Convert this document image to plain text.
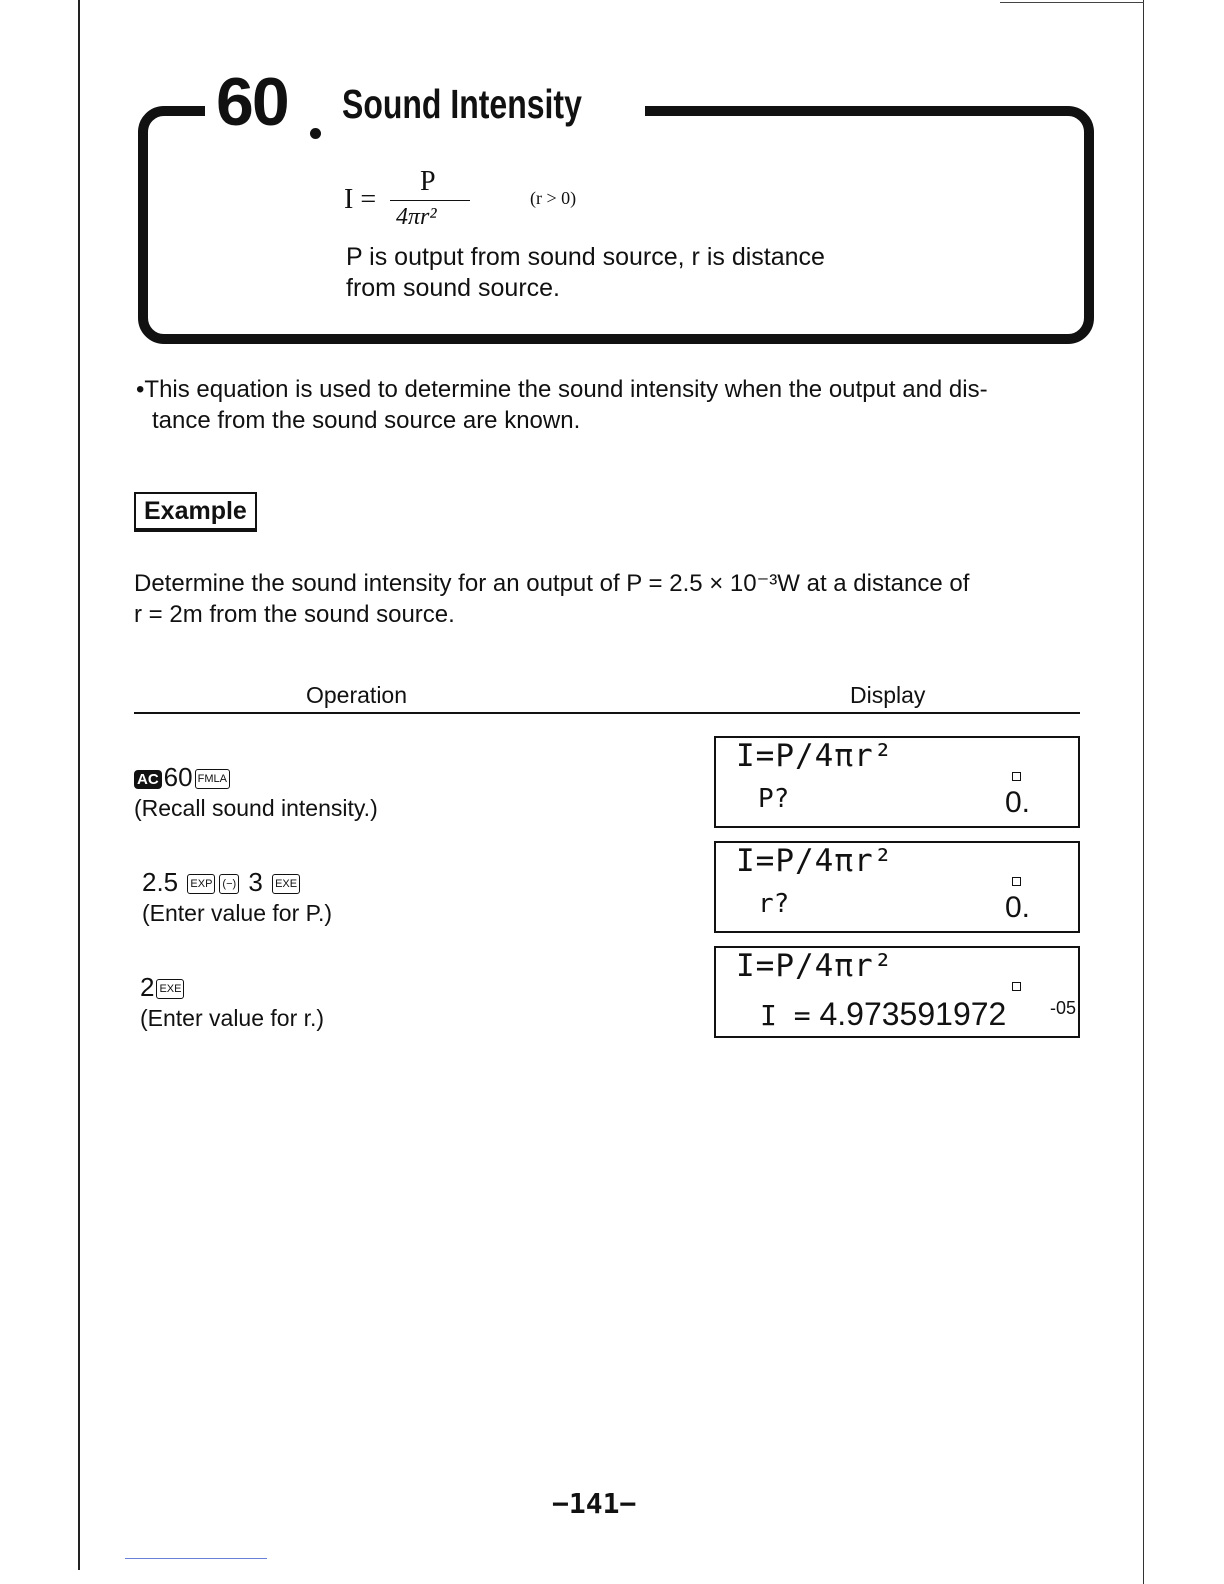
60 Sound Intensity
I =
P
4πr²
(r > 0)

P is output from sound source, r is distance

from sound source.

•This equation is used to determine the sound intensity when the output and dis-

tance from the sound source are known.

Example

Determine the sound intensity for an output of P = 2.5 × 10⁻³W at a distance of

r = 2m from the sound source.

Operation	Display
AC 60 FMLA
(Recall sound intensity.)
I=P/4πr²
P?	0.
2.5 EXP (−) 3 EXE
(Enter value for P.)
I=P/4πr²
r?	0.
2 EXE
(Enter value for r.)
I=P/4πr²
I = 4.973591972 -05
−141−
